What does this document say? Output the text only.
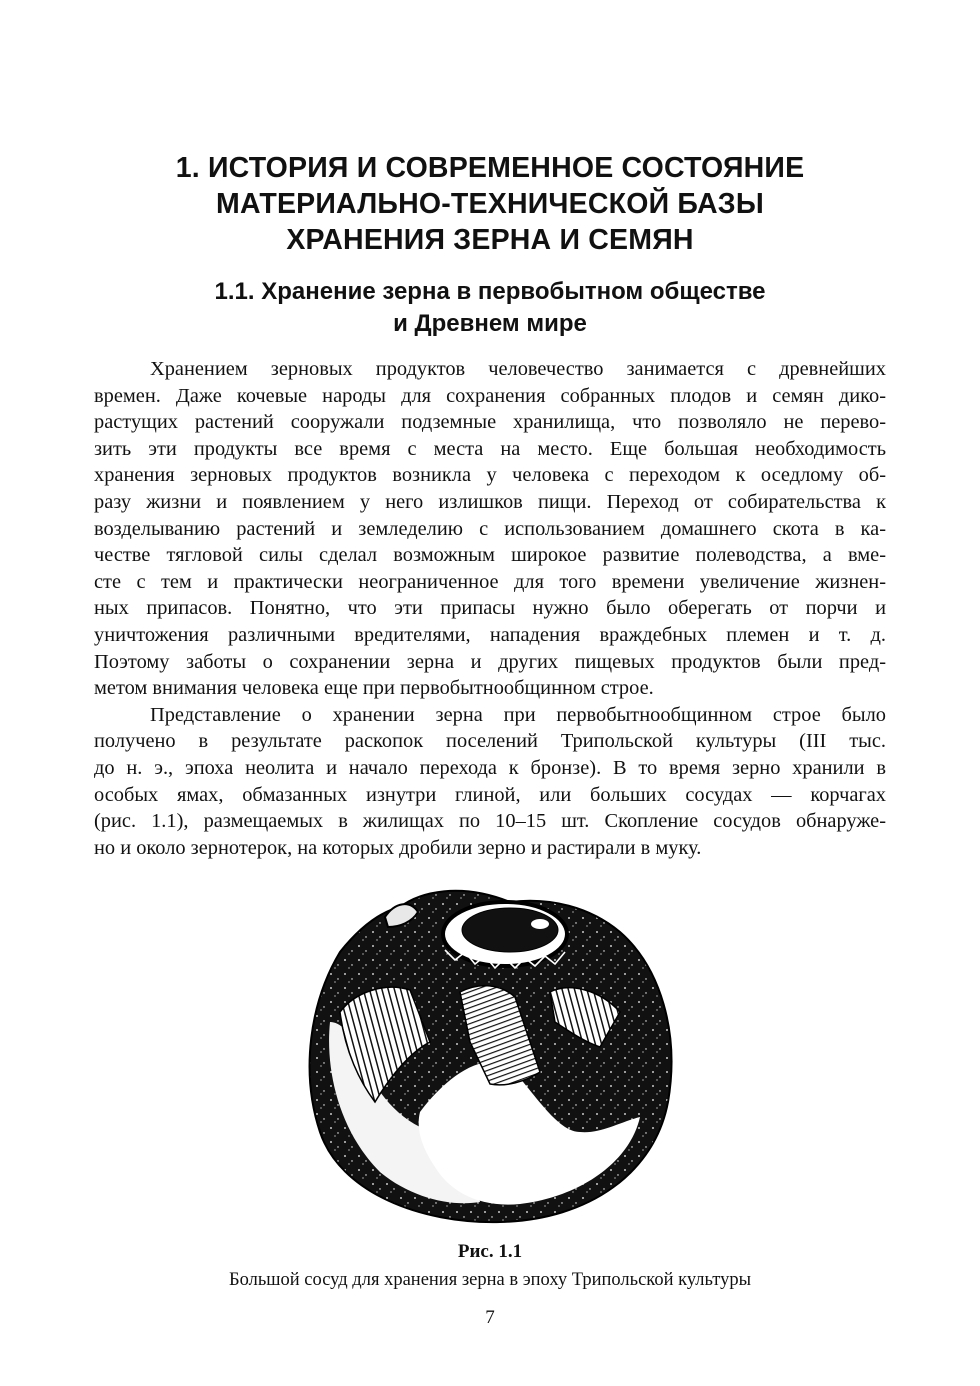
1. ИСТОРИЯ И СОВРЕМЕННОЕ СОСТОЯНИЕ
МАТЕРИАЛЬНО-ТЕХНИЧЕСКОЙ БАЗЫ
ХРАНЕНИЯ ЗЕРНА И СЕМЯН
1.1. Хранение зерна в первобытном обществе
и Древнем мире
Хранением зерновых продуктов человечество занимается с древнейших
времен. Даже кочевые народы для сохранения собранных плодов и семян дико-
растущих растений сооружали подземные хранилища, что позволяло не перево-
зить эти продукты все время с места на место. Еще большая необходимость
хранения зерновых продуктов возникла у человека с переходом к оседлому об-
разу жизни и появлением у него излишков пищи. Переход от собирательства к
возделыванию растений и земледелию с использованием домашнего скота в ка-
честве тягловой силы сделал возможным широкое развитие полеводства, а вме-
сте с тем и практически неограниченное для того времени увеличение жизнен-
ных припасов. Понятно, что эти припасы нужно было оберегать от порчи и
уничтожения различными вредителями, нападения враждебных племен и т. д.
Поэтому заботы о сохранении зерна и других пищевых продуктов были пред-
метом внимания человека еще при первобытнообщинном строе.
Представление о хранении зерна при первобытнообщинном строе было
получено в результате раскопок поселений Трипольской культуры (III тыс.
до н. э., эпоха неолита и начало перехода к бронзе). В то время зерно хранили в
особых ямах, обмазанных изнутри глиной, или больших сосудах — корчагах
(рис. 1.1), размещаемых в жилищах по 10–15 шт. Скопление сосудов обнаруже-
но и около зернотерок, на которых дробили зерно и растирали в муку.
Рис. 1.1
Большой сосуд для хранения зерна в эпоху Трипольской культуры
7
